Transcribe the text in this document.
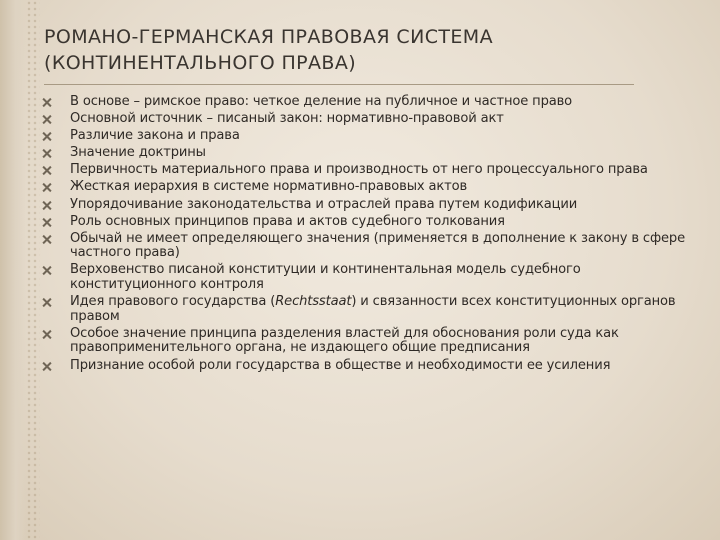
РОМАНО-ГЕРМАНСКАЯ ПРАВОВАЯ СИСТЕМА
(КОНТИНЕНТАЛЬНОГО ПРАВА)
В основе – римское право: четкое деление на публичное и частное право
Основной источник – писаный закон: нормативно-правовой акт
Различие закона и права
Значение доктрины
Первичность материального права и производность от него процессуального права
Жесткая иерархия в системе нормативно-правовых актов
Упорядочивание законодательства и отраслей права путем кодификации
Роль основных принципов права и актов судебного толкования
Обычай не имеет определяющего значения (применяется в дополнение к закону в сфере частного права)
Верховенство писаной конституции и континентальная модель судебного конституционного контроля
Идея правового государства (Rechtsstaat) и связанности всех конституционных органов правом
Особое значение принципа разделения властей для обоснования роли суда как правоприменительного органа, не издающего общие предписания
Признание особой роли государства в обществе и необходимости ее усиления
